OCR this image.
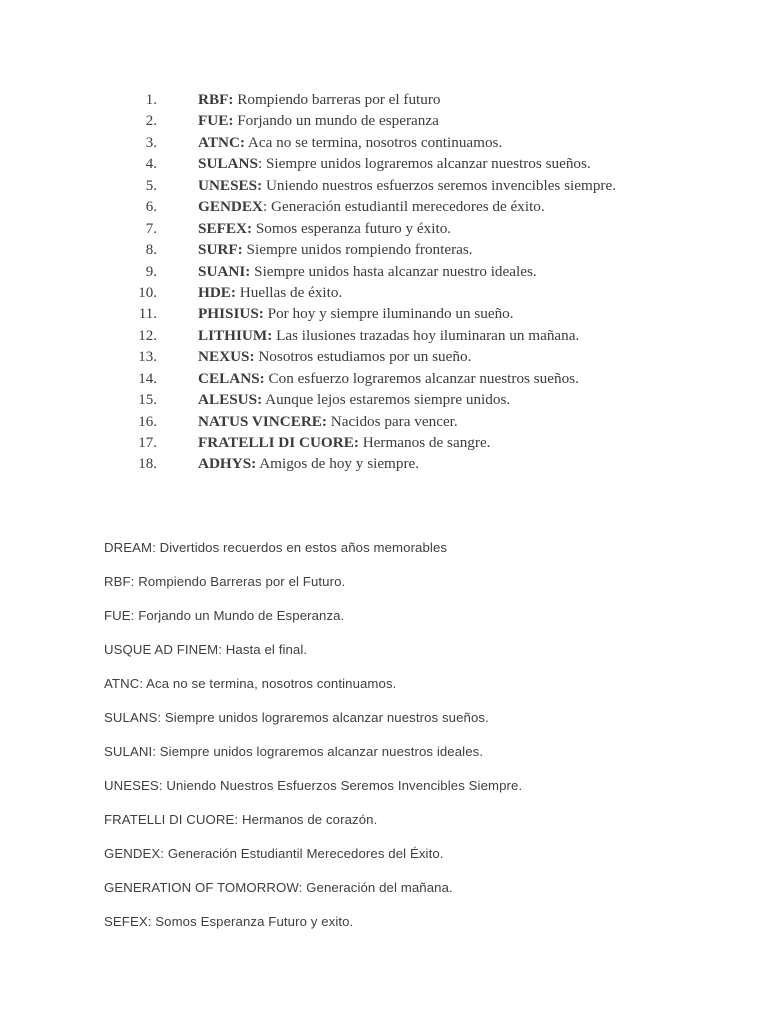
1.	RBF: Rompiendo barreras por el futuro
2.	FUE: Forjando un mundo de esperanza
3.	ATNC: Aca no se termina, nosotros continuamos.
4.	SULANS: Siempre unidos lograremos alcanzar nuestros sueños.
5.	UNESES: Uniendo nuestros esfuerzos seremos invencibles siempre.
6.	GENDEX: Generación estudiantil merecedores de éxito.
7.	SEFEX: Somos esperanza futuro y éxito.
8.	SURF: Siempre unidos rompiendo fronteras.
9.	SUANI: Siempre unidos hasta alcanzar nuestro ideales.
10.	HDE: Huellas de éxito.
11.	PHISIUS: Por hoy y siempre iluminando un sueño.
12.	LITHIUM: Las ilusiones trazadas hoy iluminaran un mañana.
13.	NEXUS: Nosotros estudiamos por un sueño.
14.	CELANS: Con esfuerzo lograremos alcanzar nuestros sueños.
15.	ALESUS: Aunque lejos estaremos siempre unidos.
16.	NATUS VINCERE: Nacidos para vencer.
17.	FRATELLI DI CUORE: Hermanos de sangre.
18.	ADHYS: Amigos de hoy y siempre.
DREAM: Divertidos recuerdos en estos años memorables
RBF: Rompiendo Barreras por el Futuro.
FUE: Forjando un Mundo de Esperanza.
USQUE AD FINEM: Hasta el final.
ATNC: Aca no se termina, nosotros continuamos.
SULANS: Siempre unidos lograremos alcanzar nuestros sueños.
SULANI: Siempre unidos lograremos alcanzar nuestros ideales.
UNESES: Uniendo Nuestros Esfuerzos Seremos Invencibles Siempre.
FRATELLI DI CUORE: Hermanos de corazón.
GENDEX: Generación Estudiantil Merecedores del Éxito.
GENERATION OF TOMORROW: Generación del mañana.
SEFEX: Somos Esperanza Futuro y exito.
